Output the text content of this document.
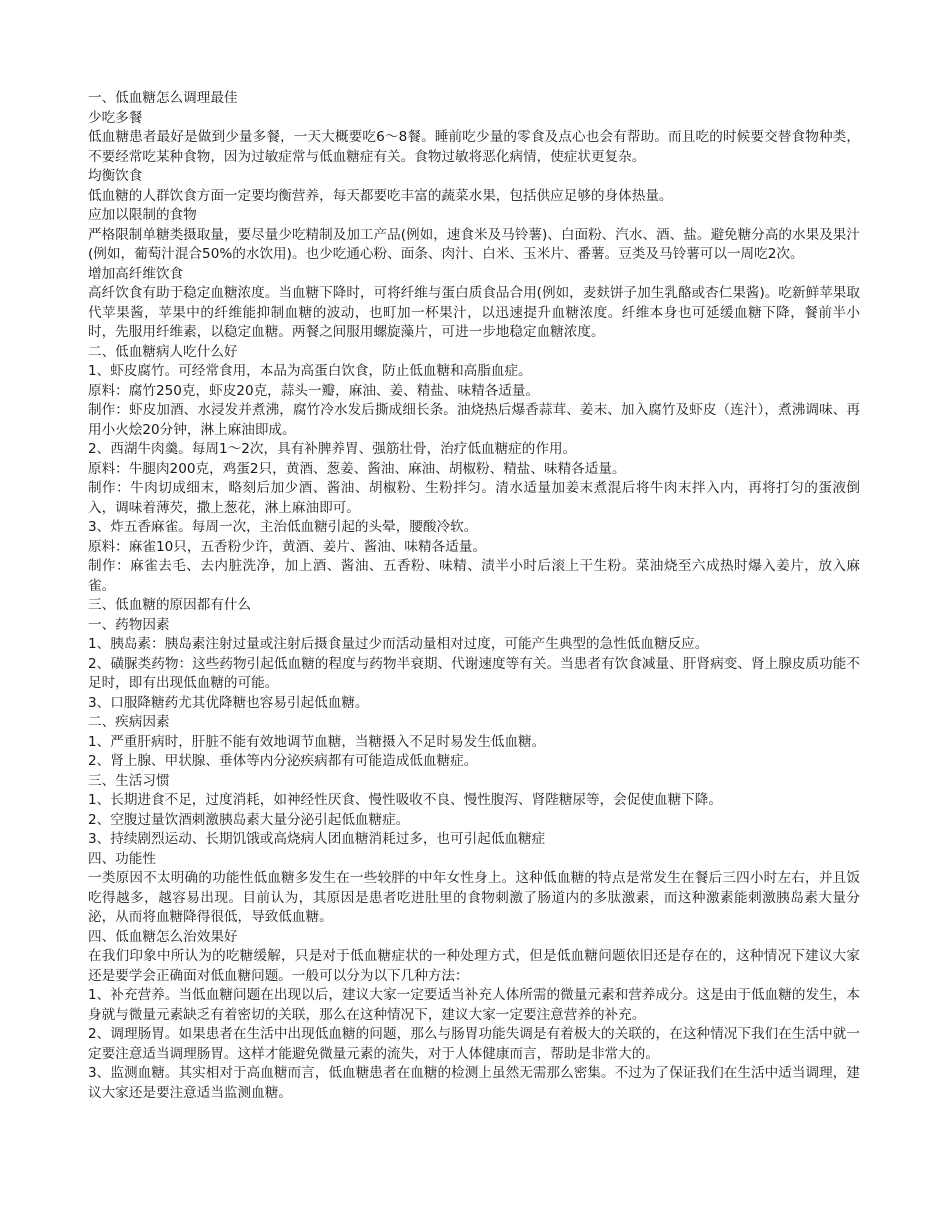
一、低血糖怎么调理最佳

少吃多餐

低血糖患者最好是做到少量多餐，一天大概要吃6～8餐。睡前吃少量的零食及点心也会有帮助。而且吃的时候要交替食物种类，不要经常吃某种食物，因为过敏症常与低血糖症有关。食物过敏将恶化病情，使症状更复杂。

均衡饮食

低血糖的人群饮食方面一定要均衡营养，每天都要吃丰富的蔬菜水果，包括供应足够的身体热量。

应加以限制的食物

严格限制单糖类摄取量，要尽量少吃精制及加工产品(例如，速食米及马铃薯)、白面粉、汽水、酒、盐。避免糖分高的水果及果汁(例如，葡萄汁混合50%的水饮用)。也少吃通心粉、面条、肉汁、白米、玉米片、番薯。豆类及马铃薯可以一周吃2次。

增加高纤维饮食

高纤饮食有助于稳定血糖浓度。当血糖下降时，可将纤维与蛋白质食品合用(例如，麦麸饼子加生乳酪或杏仁果酱)。吃新鲜苹果取代苹果酱，苹果中的纤维能抑制血糖的波动，也町加一杯果汁，以迅速提升血糖浓度。纤维本身也可延缓血糖下降，餐前半小时，先服用纤维素，以稳定血糖。两餐之间服用螺旋藻片，可进一步地稳定血糖浓度。

二、低血糖病人吃什么好

1、虾皮腐竹。可经常食用，本品为高蛋白饮食，防止低血糖和高脂血症。

原料：腐竹250克，虾皮20克，蒜头一瓣，麻油、姜、精盐、味精各适量。

制作：虾皮加酒、水浸发并煮沸，腐竹冷水发后撕成细长条。油烧热后爆香蒜茸、姜末、加入腐竹及虾皮（连汁），煮沸调味、再用小火烩20分钟，淋上麻油即成。

2、西湖牛肉羹。每周1～2次，具有补脾养胃、强筋壮骨，治疗低血糖症的作用。

原料：牛腿肉200克，鸡蛋2只，黄酒、葱姜、酱油、麻油、胡椒粉、精盐、味精各适量。

制作：牛肉切成细末，略刻后加少酒、酱油、胡椒粉、生粉拌匀。清水适量加姜末煮混后将牛肉末拌入内，再将打匀的蛋液倒入，调味着薄芡，撒上葱花，淋上麻油即可。

3、炸五香麻雀。每周一次，主治低血糖引起的头晕，腰酸冷软。

原料：麻雀10只，五香粉少许，黄酒、姜片、酱油、味精各适量。

制作：麻雀去毛、去内脏洗净，加上酒、酱油、五香粉、味精、渍半小时后滚上干生粉。菜油烧至六成热时爆入姜片，放入麻雀。

三、低血糖的原因都有什么

一、药物因素

1、胰岛素：胰岛素注射过量或注射后摄食量过少而活动量相对过度，可能产生典型的急性低血糖反应。

2、磺脲类药物：这些药物引起低血糖的程度与药物半衰期、代谢速度等有关。当患者有饮食减量、肝肾病变、肾上腺皮质功能不足时，即有出现低血糖的可能。

3、口服降糖药尤其优降糖也容易引起低血糖。

二、疾病因素

1、严重肝病时，肝脏不能有效地调节血糖，当糖摄入不足时易发生低血糖。

2、肾上腺、甲状腺、垂体等内分泌疾病都有可能造成低血糖症。

三、生活习惯

1、长期进食不足，过度消耗，如神经性厌食、慢性吸收不良、慢性腹泻、肾陛糖尿等，会促使血糖下降。

2、空腹过量饮酒刺激胰岛素大量分泌引起低血糖症。

3、持续剧烈运动、长期饥饿或高烧病人团血糖消耗过多，也可引起低血糖症

四、功能性

一类原因不太明确的功能性低血糖多发生在一些较胖的中年女性身上。这种低血糖的特点是常发生在餐后三四小时左右，并且饭吃得越多，越容易出现。目前认为，其原因是患者吃进肚里的食物刺激了肠道内的多肽激素，而这种激素能刺激胰岛素大量分泌，从而将血糖降得很低，导致低血糖。

四、低血糖怎么治效果好

在我们印象中所认为的吃糖缓解，只是对于低血糖症状的一种处理方式，但是低血糖问题依旧还是存在的，这种情况下建议大家还是要学会正确面对低血糖问题。一般可以分为以下几种方法：

1、补充营养。当低血糖问题在出现以后，建议大家一定要适当补充人体所需的微量元素和营养成分。这是由于低血糖的发生，本身就与微量元素缺乏有着密切的关联，那么在这种情况下，建议大家一定要注意营养的补充。

2、调理肠胃。如果患者在生活中出现低血糖的问题，那么与肠胃功能失调是有着极大的关联的，在这种情况下我们在生活中就一定要注意适当调理肠胃。这样才能避免微量元素的流失，对于人体健康而言，帮助是非常大的。

3、监测血糖。其实相对于高血糖而言，低血糖患者在血糖的检测上虽然无需那么密集。不过为了保证我们在生活中适当调理，建议大家还是要注意适当监测血糖。
